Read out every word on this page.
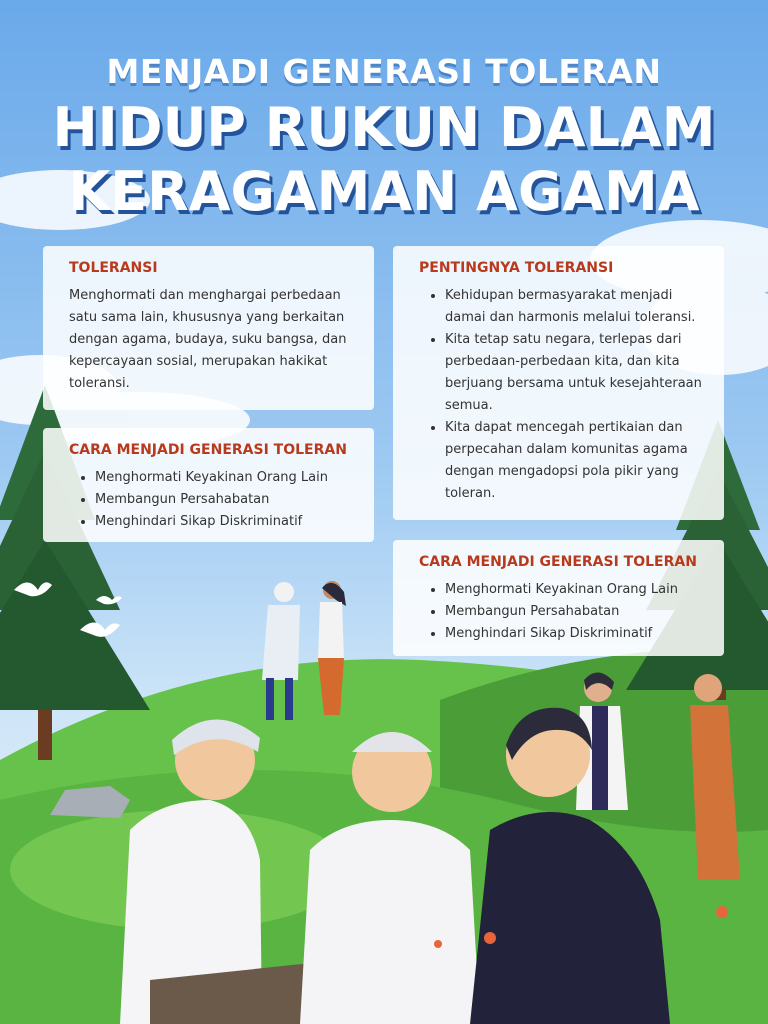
MENJADI GENERASI TOLERAN
HIDUP RUKUN DALAM
KERAGAMAN AGAMA
TOLERANSI

Menghormati dan menghargai perbedaan satu sama lain, khususnya yang berkaitan dengan agama, budaya, suku bangsa, dan kepercayaan sosial, merupakan hakikat toleransi.

CARA MENJADI GENERASI TOLERAN
• Menghormati Keyakinan Orang Lain
• Membangun Persahabatan
• Menghindari Sikap Diskriminatif
PENTINGNYA TOLERANSI
• Kehidupan bermasyarakat menjadi damai dan harmonis melalui toleransi.
• Kita tetap satu negara, terlepas dari perbedaan-perbedaan kita, dan kita berjuang bersama untuk kesejahteraan semua.
• Kita dapat mencegah pertikaian dan perpecahan dalam komunitas agama dengan mengadopsi pola pikir yang toleran.
CARA MENJADI GENERASI TOLERAN
• Menghormati Keyakinan Orang Lain
• Membangun Persahabatan
• Menghindari Sikap Diskriminatif
